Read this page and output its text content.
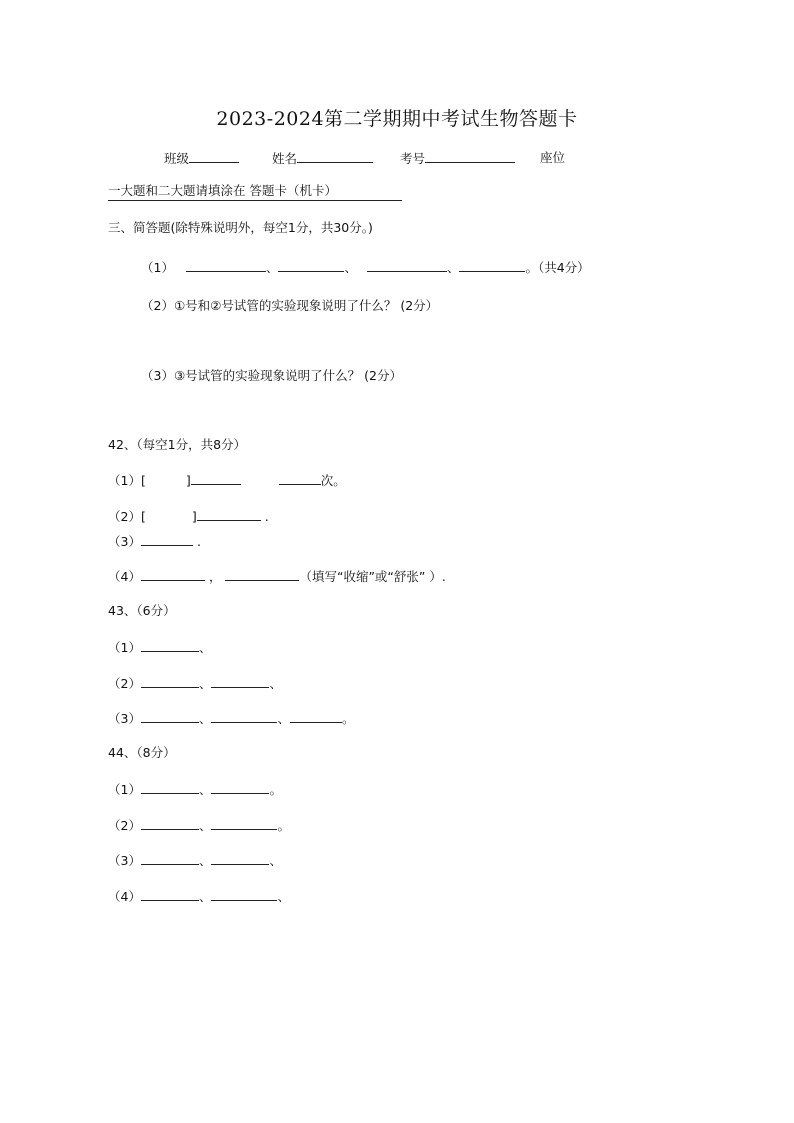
2023-2024第二学期期中考试生物答题卡
班级	姓名	考号	座位
一大题和二大题请填涂在 答题卡（机卡）
三、简答题(除特殊说明外，每空1分，共30分。)
（1）	、	、	、	。（共4分）
（2）①号和②号试管的实验现象说明了什么？ (2分）
（3）③号试管的实验现象说明了什么？ (2分）
42、（每空1分，共8分）
（1）[	]	次。
（2）[	]	.
（3）	.
（4）	，	（填写“收缩”或“舒张” ）.
43、（6分）
（1）	、
（2）	、	、
（3）	、	、	。
44、（8分）
（1）	、	。
（2）	、	。
（3）	、	、
（4）	、	、
